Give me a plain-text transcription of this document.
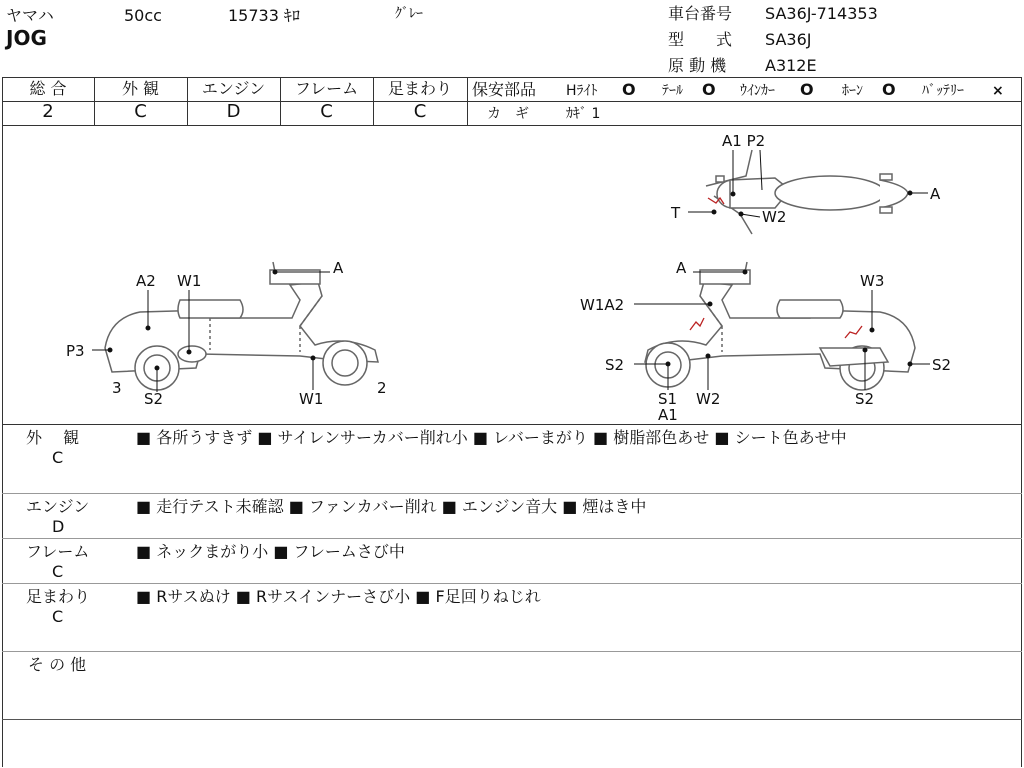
ヤマハ	50cc	15733 ｷﾛ	ｸﾞﾚｰ
JOG
車台番号 SA36J-714353
型　　式 SA36J
原 動 機 A312E
総 合	外 観	エンジン	フレーム	足まわり
2	C	D	C	C
保安部品 Hﾗｲﾄ O ﾃｰﾙ O ｳｲﾝｶｰ O ﾎｰﾝ O ﾊﾞｯﾃﾘｰ ×
カ　ギ	ｶｷﾞ 1
A1 P2
A
T	W2
A
A2 W1
P3
3
S2	W1
2
A
W1A2
W3
S2	S2
S1
A1
W2	S2
外　 観
C
■ 各所うすきず ■ サイレンサーカバー削れ小 ■ レバーまがり ■ 樹脂部色あせ ■ シート色あせ中
エンジン
D
■ 走行テスト未確認 ■ ファンカバー削れ ■ エンジン音大 ■ 煙はき中
フレーム
C
■ ネックまがり小 ■ フレームさび中
足まわり
C
■ Rサスぬけ ■ Rサスインナーさび小 ■ F足回りねじれ
そ の 他
